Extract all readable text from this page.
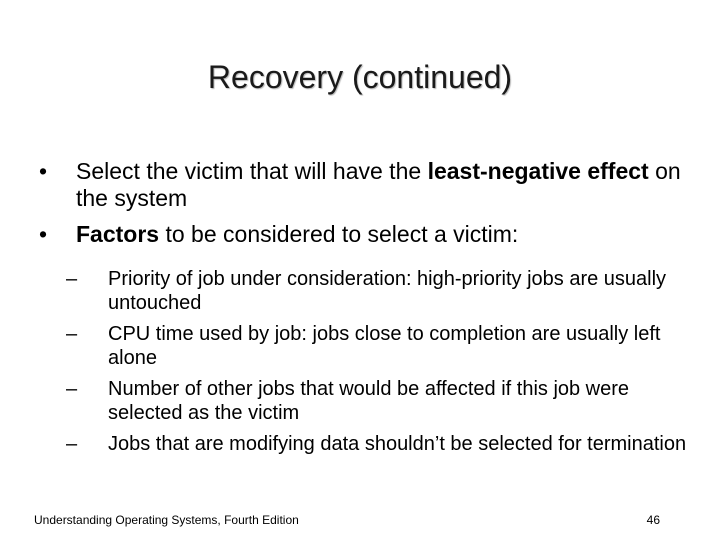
Recovery (continued)
•	Select the victim that will have the least-negative effect on the system
•	Factors to be considered to select a victim:
– Priority of job under consideration: high-priority jobs are usually untouched
– CPU time used by job: jobs close to completion are usually left alone
– Number of other jobs that would be affected if this job were selected as the victim
– Jobs that are modifying data shouldn’t be selected for termination
Understanding Operating Systems, Fourth Edition	46
